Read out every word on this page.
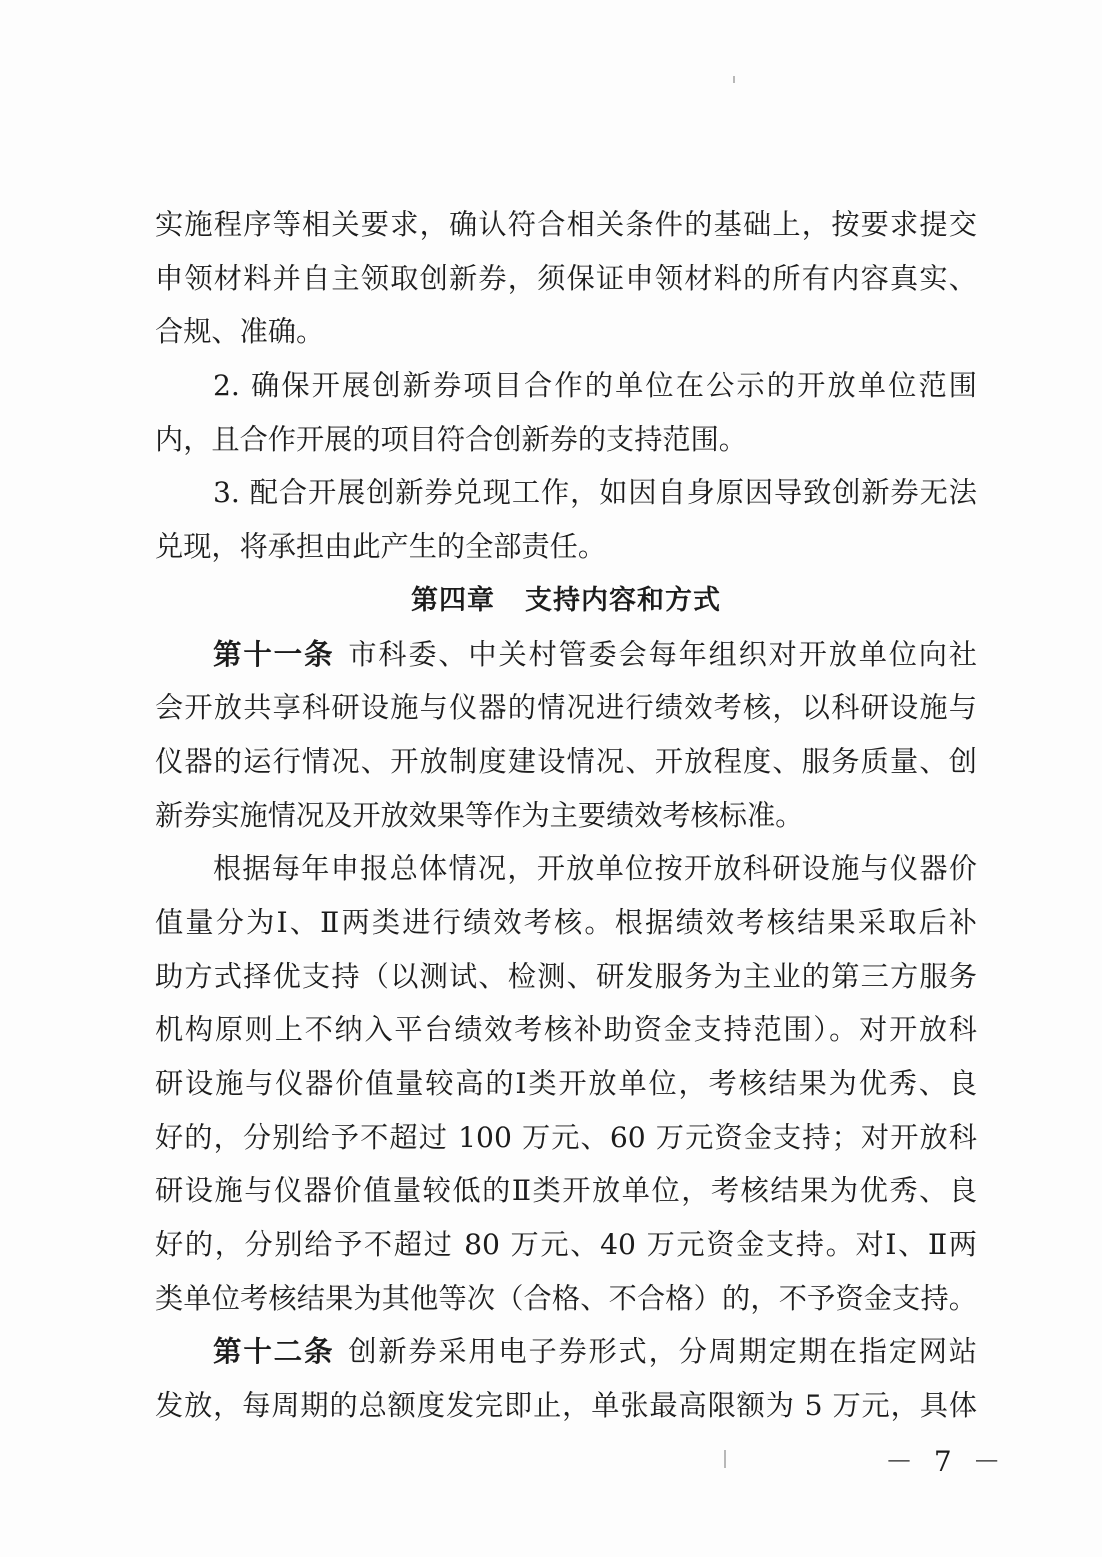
实施程序等相关要求，确认符合相关条件的基础上，按要求提交
申领材料并自主领取创新券，须保证申领材料的所有内容真实、
合规、准确。
2. 确保开展创新券项目合作的单位在公示的开放单位范围
内，且合作开展的项目符合创新券的支持范围。
3. 配合开展创新券兑现工作，如因自身原因导致创新券无法
兑现，将承担由此产生的全部责任。
第四章 支持内容和方式
第十一条 市科委、中关村管委会每年组织对开放单位向社
会开放共享科研设施与仪器的情况进行绩效考核，以科研设施与
仪器的运行情况、开放制度建设情况、开放程度、服务质量、创
新券实施情况及开放效果等作为主要绩效考核标准。
根据每年申报总体情况，开放单位按开放科研设施与仪器价
值量分为Ⅰ、Ⅱ两类进行绩效考核。根据绩效考核结果采取后补
助方式择优支持（以测试、检测、研发服务为主业的第三方服务
机构原则上不纳入平台绩效考核补助资金支持范围）。对开放科
研设施与仪器价值量较高的Ⅰ类开放单位，考核结果为优秀、良
好的，分别给予不超过 100 万元、60 万元资金支持；对开放科
研设施与仪器价值量较低的Ⅱ类开放单位，考核结果为优秀、良
好的，分别给予不超过 80 万元、40 万元资金支持。对Ⅰ、Ⅱ两
类单位考核结果为其他等次（合格、不合格）的，不予资金支持。
第十二条 创新券采用电子券形式，分周期定期在指定网站
发放，每周期的总额度发完即止，单张最高限额为 5 万元，具体
－ 7 －
